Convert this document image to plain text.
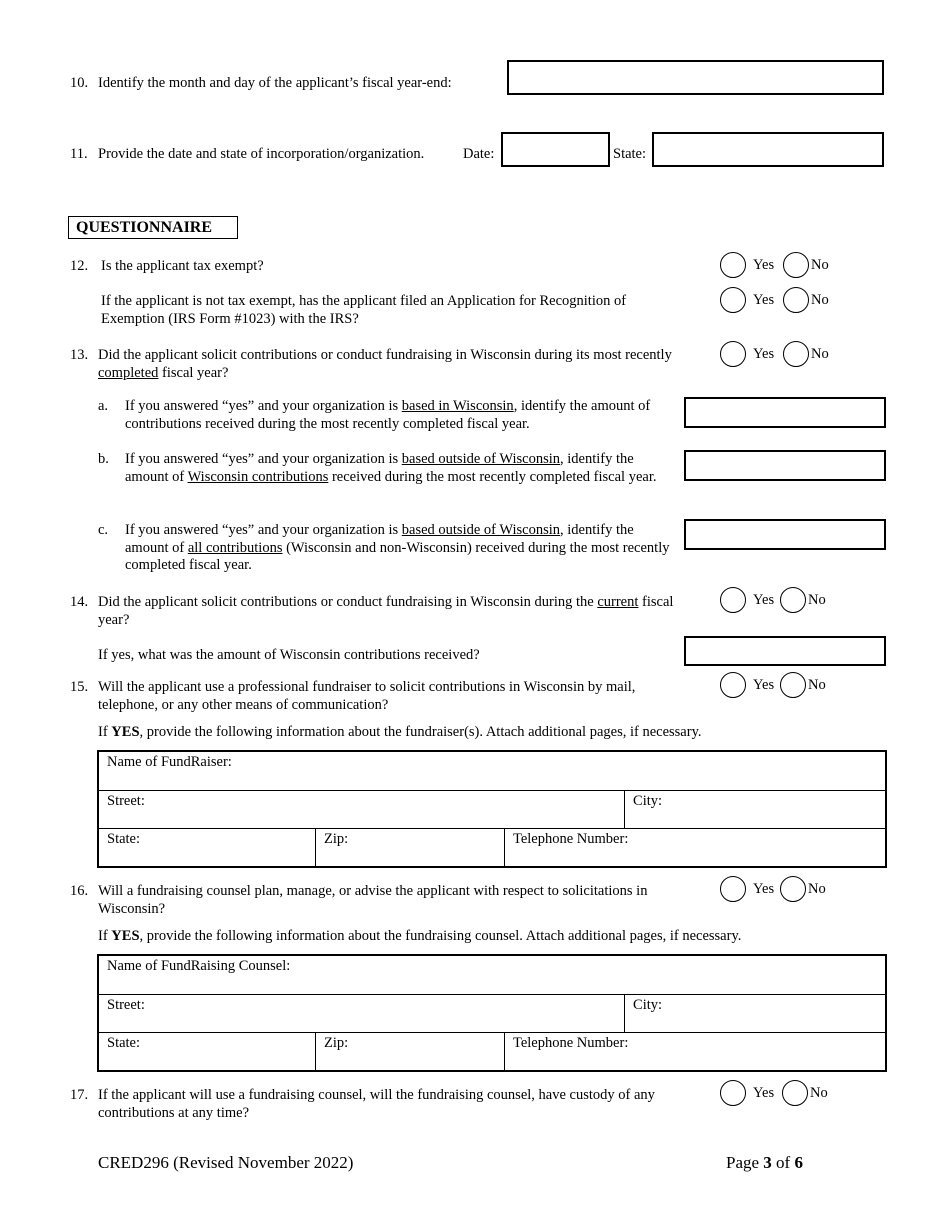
10. Identify the month and day of the applicant’s fiscal year-end:
11. Provide the date and state of incorporation/organization.	Date:	State:
QUESTIONNAIRE
12. Is the applicant tax exempt?	Yes	No
If the applicant is not tax exempt, has the applicant filed an Application for Recognition of Exemption (IRS Form #1023) with the IRS?
Yes	No
13. Did the applicant solicit contributions or conduct fundraising in Wisconsin during its most recently completed fiscal year?
Yes	No
a. If you answered “yes” and your organization is based in Wisconsin, identify the amount of contributions received during the most recently completed fiscal year.
b. If you answered “yes” and your organization is based outside of Wisconsin, identify the amount of Wisconsin contributions received during the most recently completed fiscal year.
c. If you answered “yes” and your organization is based outside of Wisconsin, identify the amount of all contributions (Wisconsin and non-Wisconsin) received during the most recently completed fiscal year.
14. Did the applicant solicit contributions or conduct fundraising in Wisconsin during the current fiscal year?
Yes No
If yes, what was the amount of Wisconsin contributions received?
15. Will the applicant use a professional fundraiser to solicit contributions in Wisconsin by mail, telephone, or any other means of communication?
Yes No
If YES, provide the following information about the fundraiser(s). Attach additional pages, if necessary.
Name of FundRaiser:			
Street:			City:
State:	Zip:	Telephone Number:	
16. Will a fundraising counsel plan, manage, or advise the applicant with respect to solicitations in Wisconsin?
Yes No
If YES, provide the following information about the fundraising counsel. Attach additional pages, if necessary.
Name of FundRaising Counsel:			
Street:			City:
State:	Zip:	Telephone Number:	
17. If the applicant will use a fundraising counsel, will the fundraising counsel, have custody of any contributions at any time?
Yes No
CRED296 (Revised November 2022)	Page 3 of 6
